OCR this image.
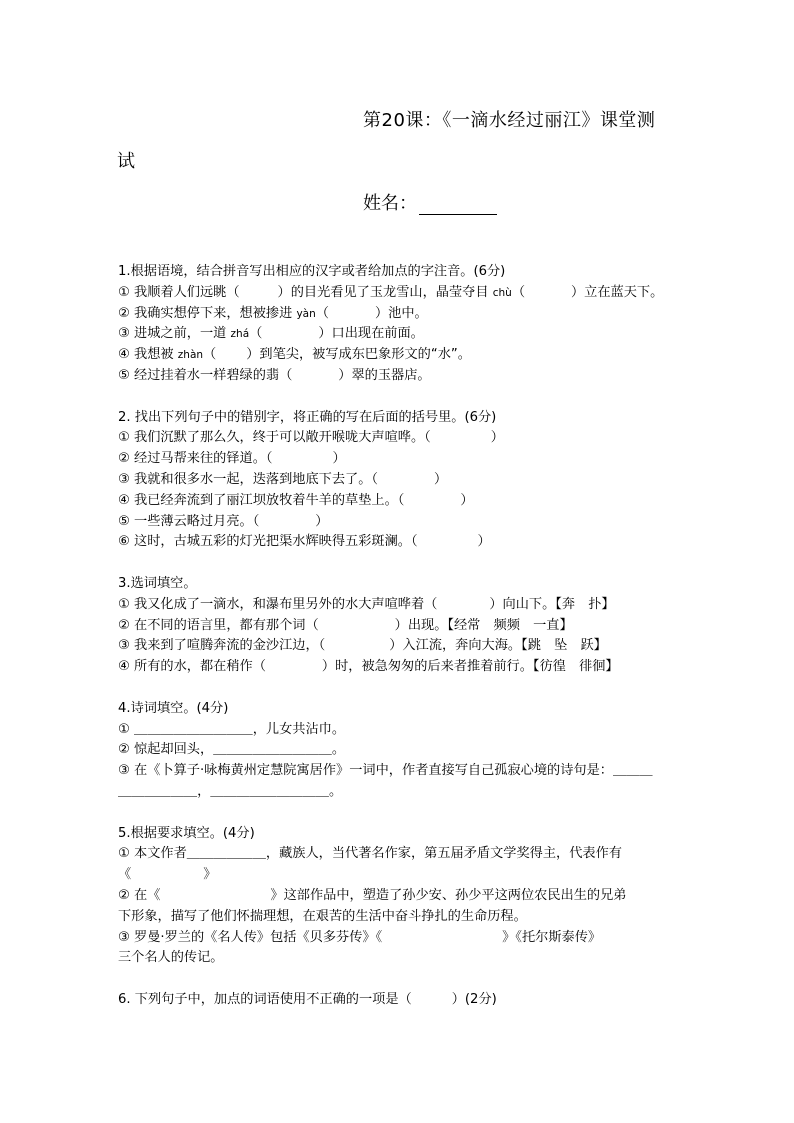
第20课：《一滴水经过丽江》课堂测
试
姓名：
1.根据语境，结合拼音写出相应的汉字或者给加点的字注音。(6分)
① 我顺着人们远眺（	）的目光看见了玉龙雪山，晶莹夺目 chù（	）立在蓝天下。
② 我确实想停下来，想被掺进 yàn（	）池中。
③ 进城之前，一道 zhá（	）口出现在前面。
④ 我想被 zhàn（ ）到笔尖，被写成东巴象形文的“水”。
⑤ 经过挂着水一样碧绿的翡（	）翠的玉器店。
2. 找出下列句子中的错别字，将正确的写在后面的括号里。(6分)
① 我们沉默了那么久，终于可以敞开喉咙大声喧哗。（	）
② 经过马帮来往的铎道。（	）
③ 我就和很多水一起，迭落到地底下去了。（	）
④ 我已经奔流到了丽江坝放牧着牛羊的草垫上。（	）
⑤ 一些薄云略过月亮。（	）
⑥ 这时，古城五彩的灯光把渠水辉映得五彩斑澜。（	）
3.选词填空。
① 我又化成了一滴水，和瀑布里另外的水大声喧哗着（	）向山下。【奔　扑】
② 在不同的语言里，都有那个词（	）出现。【经常　频频　一直】
③ 我来到了喧腾奔流的金沙江边，（	）入江流，奔向大海。【跳　坠　跃】
④ 所有的水，都在稍作（	）时，被急匆匆的后来者推着前行。【彷徨　徘徊】
4.诗词填空。(4分)
① ＿＿＿＿＿＿＿＿＿，儿女共沾巾。
② 惊起却回头，＿＿＿＿＿＿＿＿＿。
③ 在《卜算子·咏梅黄州定慧院寓居作》一词中，作者直接写自己孤寂心境的诗句是：＿＿＿
＿＿＿＿＿＿，＿＿＿＿＿＿＿＿＿。
5.根据要求填空。(4分)
① 本文作者＿＿＿＿＿＿，藏族人，当代著名作家，第五届矛盾文学奖得主，代表作有
《	》
② 在《	》这部作品中，塑造了孙少安、孙少平这两位农民出生的兄弟
下形象，描写了他们怀揣理想，在艰苦的生活中奋斗挣扎的生命历程。
③ 罗曼·罗兰的《名人传》包括《贝多芬传》《	》《托尔斯泰传》
三个名人的传记。
6. 下列句子中，加点的词语使用不正确的一项是（	）(2分)
